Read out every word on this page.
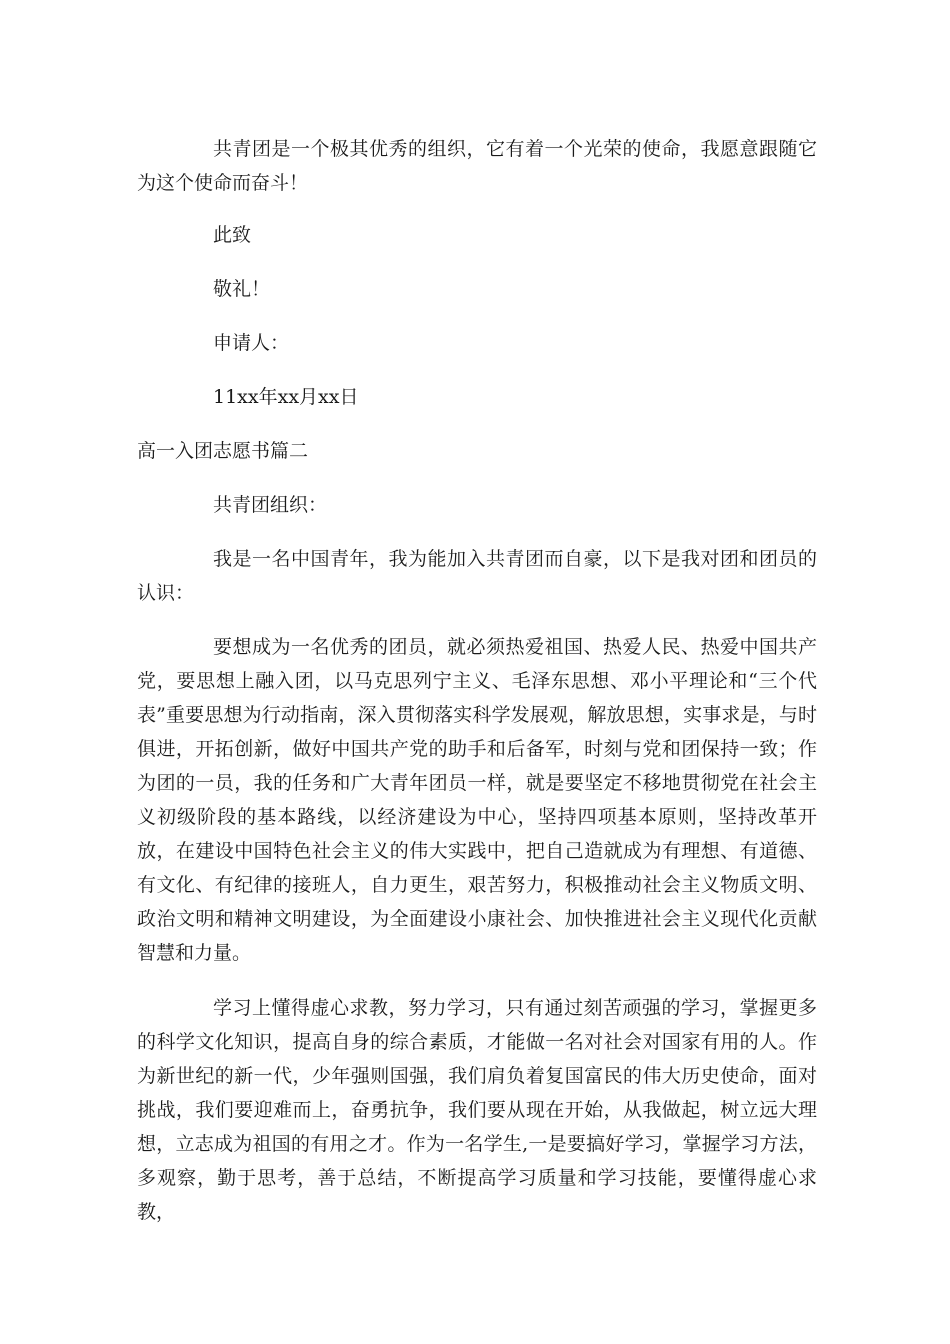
共青团是一个极其优秀的组织，它有着一个光荣的使命，我愿意跟随它为这个使命而奋斗！

此致

敬礼！

申请人：

11xx年xx月xx日

高一入团志愿书篇二

共青团组织：

我是一名中国青年，我为能加入共青团而自豪，以下是我对团和团员的认识：

要想成为一名优秀的团员，就必须热爱祖国、热爱人民、热爱中国共产党，要思想上融入团，以马克思列宁主义、毛泽东思想、邓小平理论和“三个代表”重要思想为行动指南，深入贯彻落实科学发展观，解放思想，实事求是，与时俱进，开拓创新，做好中国共产党的助手和后备军，时刻与党和团保持一致；作为团的一员，我的任务和广大青年团员一样，就是要坚定不移地贯彻党在社会主义初级阶段的基本路线，以经济建设为中心，坚持四项基本原则，坚持改革开放，在建设中国特色社会主义的伟大实践中，把自己造就成为有理想、有道德、有文化、有纪律的接班人，自力更生，艰苦努力，积极推动社会主义物质文明、政治文明和精神文明建设，为全面建设小康社会、加快推进社会主义现代化贡献智慧和力量。

学习上懂得虚心求教，努力学习，只有通过刻苦顽强的学习，掌握更多的科学文化知识，提高自身的综合素质，才能做一名对社会对国家有用的人。作为新世纪的新一代，少年强则国强，我们肩负着复国富民的伟大历史使命，面对挑战，我们要迎难而上，奋勇抗争，我们要从现在开始，从我做起，树立远大理想，立志成为祖国的有用之才。作为一名学生,一是要搞好学习，掌握学习方法，多观察，勤于思考，善于总结，不断提高学习质量和学习技能，要懂得虚心求教，
